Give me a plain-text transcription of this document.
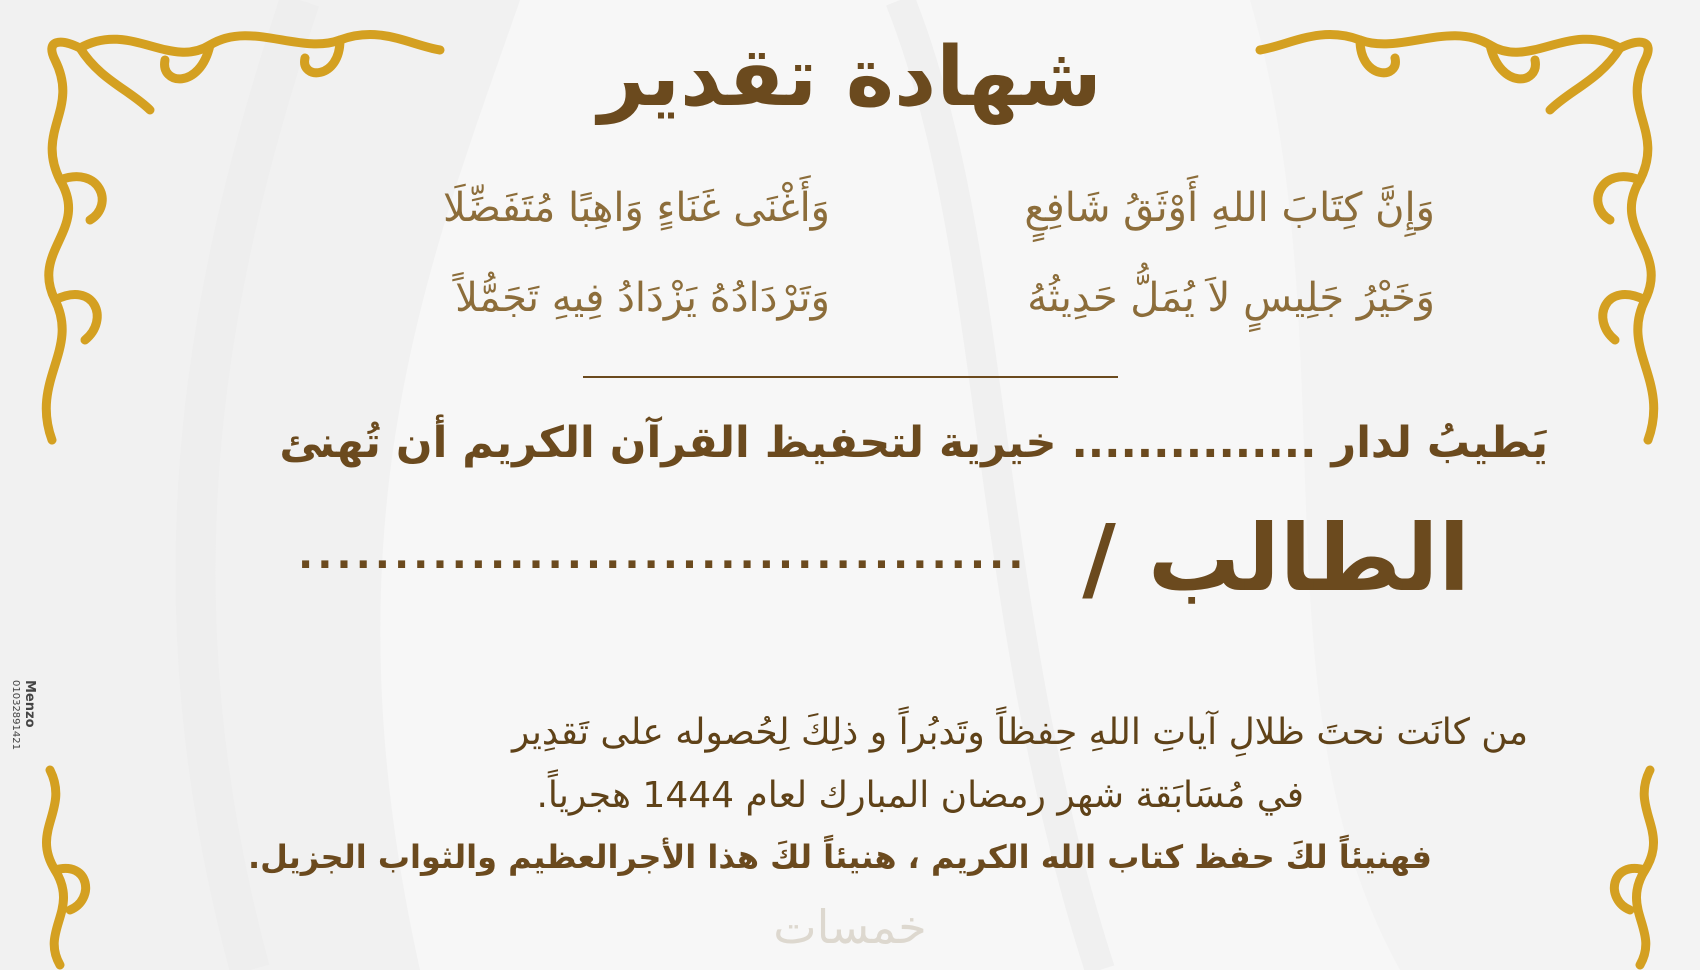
شهادة تقدير
وَإِنَّ كِتَابَ اللهِ أَوْثَقُ شَافِعٍ
وَأَغْنَى غَنَاءٍ وَاهِبًا مُتَفَضِّلَا
وَخَيْرُ جَلِيسٍ لاَ يُمَلُّ حَدِيثُهُ
وَتَرْدَادُهُ يَزْدَادُ فِيهِ تَجَمُّلاً
يَطيبُ لدار ............... خيرية لتحفيظ القرآن الكريم أن تُهنئ
الطالب /
......................................
من كانَت نحتَ ظلالِ آياتِ اللهِ حِفظاً وتَدبُراً و ذلِكَ لِحُصوله على تَقدِير
في مُسَابَقة شهر رمضان المبارك لعام 1444 هجرياً.
فهنيئاً لكَ حفظ كتاب الله الكريم ، هنيئاً لكَ هذا الأجرالعظيم والثواب الجزيل.
Menzo
01032891421
خمسات
